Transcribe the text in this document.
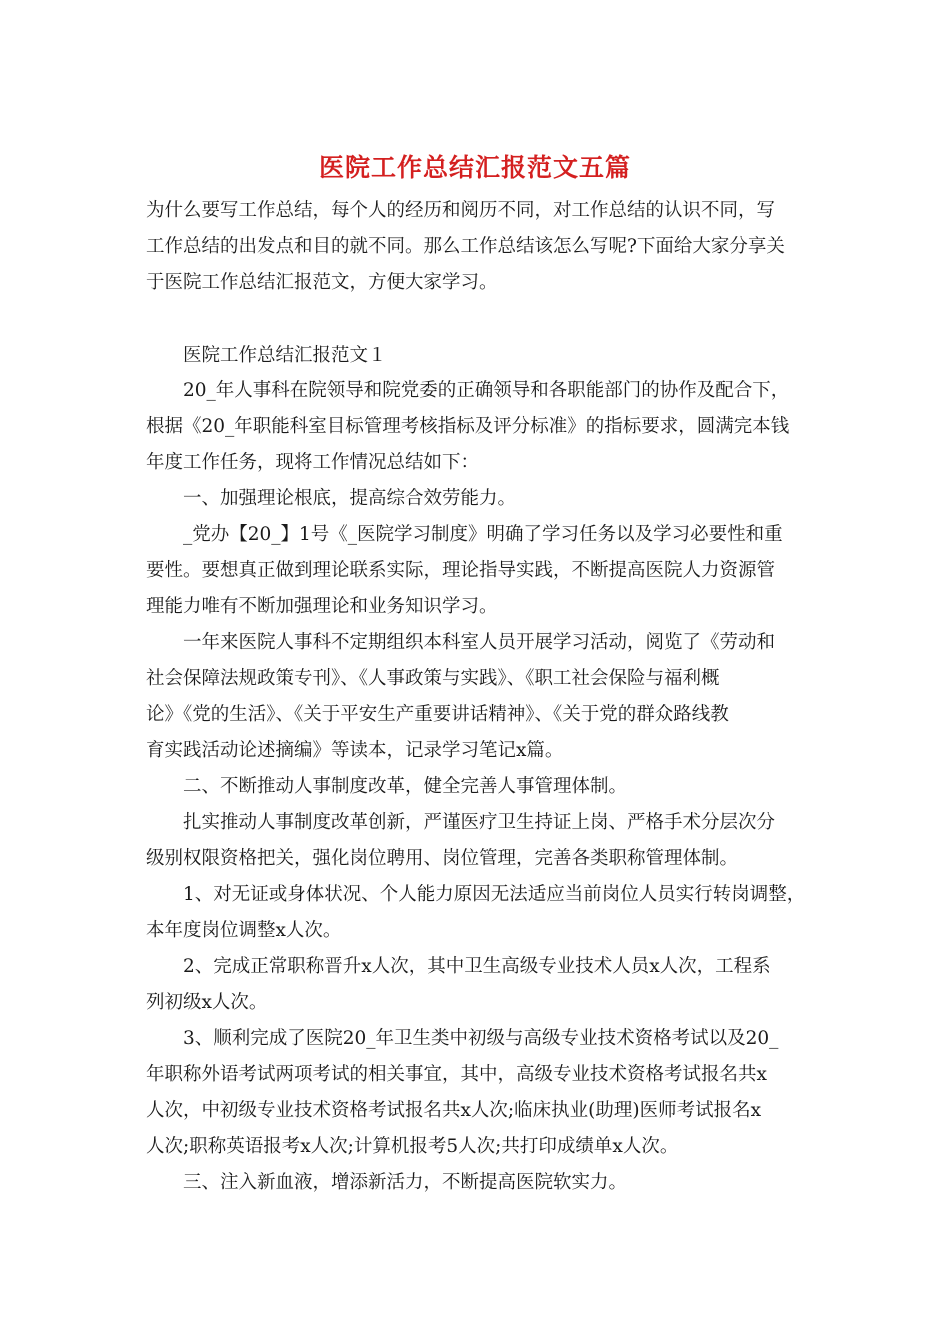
医院工作总结汇报范文五篇

为什么要写工作总结，每个人的经历和阅历不同，对工作总结的认识不同，写

工作总结的出发点和目的就不同。那么工作总结该怎么写呢?下面给大家分享关

于医院工作总结汇报范文，方便大家学习。

医院工作总结汇报范文１

20_年人事科在院领导和院党委的正确领导和各职能部门的协作及配合下，

根据《20_年职能科室目标管理考核指标及评分标准》的指标要求，圆满完本钱

年度工作任务，现将工作情况总结如下：

一、加强理论根底，提高综合效劳能力。

_党办【20_】1号《_医院学习制度》明确了学习任务以及学习必要性和重

要性。要想真正做到理论联系实际，理论指导实践，不断提高医院人力资源管

理能力唯有不断加强理论和业务知识学习。

一年来医院人事科不定期组织本科室人员开展学习活动，阅览了《劳动和

社会保障法规政策专刊》、《人事政策与实践》、《职工社会保险与福利概

论》《党的生活》、《关于平安生产重要讲话精神》、《关于党的群众路线教

育实践活动论述摘编》等读本，记录学习笔记x篇。

二、不断推动人事制度改革，健全完善人事管理体制。

扎实推动人事制度改革创新，严谨医疗卫生持证上岗、严格手术分层次分

级别权限资格把关，强化岗位聘用、岗位管理，完善各类职称管理体制。

1、对无证或身体状况、个人能力原因无法适应当前岗位人员实行转岗调整，

本年度岗位调整x人次。

2、完成正常职称晋升x人次，其中卫生高级专业技术人员x人次，工程系

列初级x人次。

3、顺利完成了医院20_年卫生类中初级与高级专业技术资格考试以及20_

年职称外语考试两项考试的相关事宜，其中，高级专业技术资格考试报名共x

人次，中初级专业技术资格考试报名共x人次;临床执业(助理)医师考试报名x

人次;职称英语报考x人次;计算机报考5人次;共打印成绩单x人次。

三、注入新血液，增添新活力，不断提高医院软实力。
